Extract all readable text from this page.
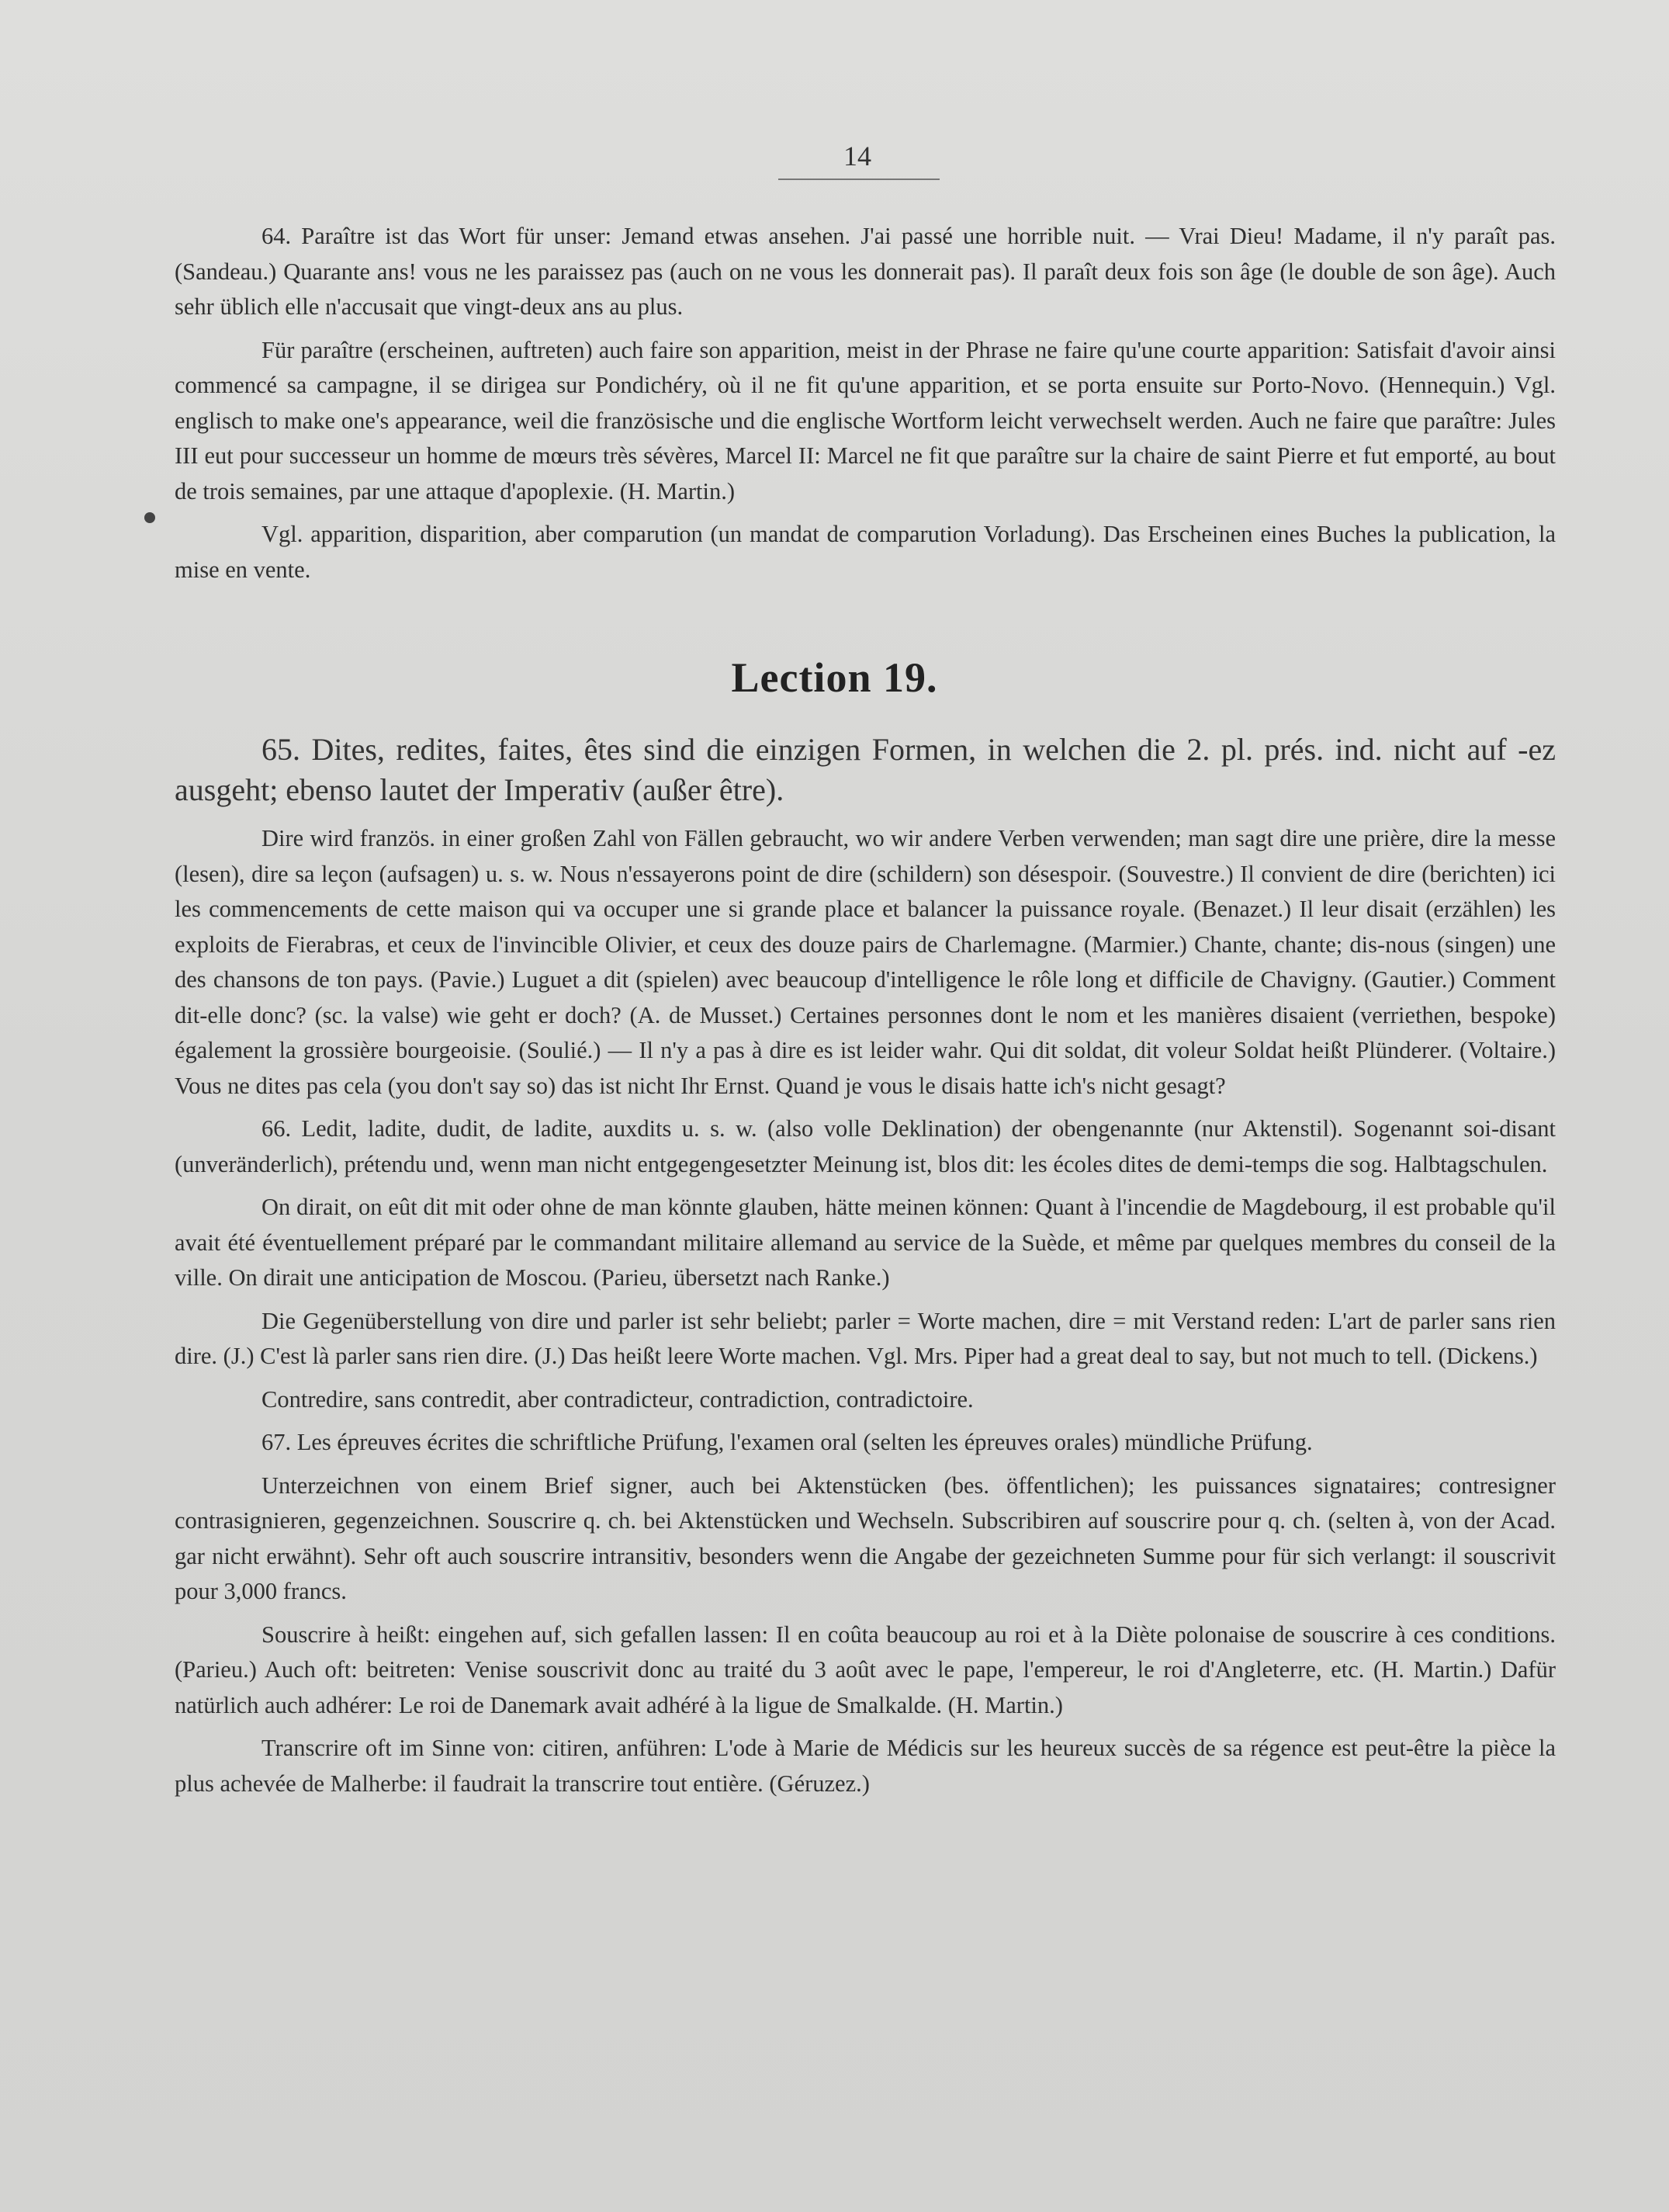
14

64. Paraître ist das Wort für unser: Jemand etwas ansehen. J'ai passé une horrible nuit. — Vrai Dieu! Madame, il n'y paraît pas. (Sandeau.) Quarante ans! vous ne les paraissez pas (auch on ne vous les donnerait pas). Il paraît deux fois son âge (le double de son âge). Auch sehr üblich elle n'accusait que vingt-deux ans au plus.

Für paraître (erscheinen, auftreten) auch faire son apparition, meist in der Phrase ne faire qu'une courte apparition: Satisfait d'avoir ainsi commencé sa campagne, il se dirigea sur Pondichéry, où il ne fit qu'une apparition, et se porta ensuite sur Porto-Novo. (Hennequin.) Vgl. englisch to make one's appearance, weil die französische und die englische Wortform leicht verwechselt werden. Auch ne faire que paraître: Jules III eut pour successeur un homme de mœurs très sévères, Marcel II: Marcel ne fit que paraître sur la chaire de saint Pierre et fut emporté, au bout de trois semaines, par une attaque d'apoplexie. (H. Martin.)

Vgl. apparition, disparition, aber comparution (un mandat de comparution Vorladung). Das Erscheinen eines Buches la publication, la mise en vente.

Lection 19.

65. Dites, redites, faites, êtes sind die einzigen Formen, in welchen die 2. pl. prés. ind. nicht auf -ez ausgeht; ebenso lautet der Imperativ (außer être).

Dire wird französ. in einer großen Zahl von Fällen gebraucht, wo wir andere Verben verwenden; man sagt dire une prière, dire la messe (lesen), dire sa leçon (aufsagen) u. s. w. Nous n'essayerons point de dire (schildern) son désespoir. (Souvestre.) Il convient de dire (berichten) ici les commencements de cette maison qui va occuper une si grande place et balancer la puissance royale. (Benazet.) Il leur disait (erzählen) les exploits de Fierabras, et ceux de l'invincible Olivier, et ceux des douze pairs de Charlemagne. (Marmier.) Chante, chante; dis-nous (singen) une des chansons de ton pays. (Pavie.) Luguet a dit (spielen) avec beaucoup d'intelligence le rôle long et difficile de Chavigny. (Gautier.) Comment dit-elle donc? (sc. la valse) wie geht er doch? (A. de Musset.) Certaines personnes dont le nom et les manières disaient (verriethen, bespoke) également la grossière bourgeoisie. (Soulié.) — Il n'y a pas à dire es ist leider wahr. Qui dit soldat, dit voleur Soldat heißt Plünderer. (Voltaire.) Vous ne dites pas cela (you don't say so) das ist nicht Ihr Ernst. Quand je vous le disais hatte ich's nicht gesagt?

66. Ledit, ladite, dudit, de ladite, auxdits u. s. w. (also volle Deklination) der obengenannte (nur Aktenstil). Sogenannt soi-disant (unveränderlich), prétendu und, wenn man nicht entgegengesetzter Meinung ist, blos dit: les écoles dites de demi-temps die sog. Halbtagschulen.

On dirait, on eût dit mit oder ohne de man könnte glauben, hätte meinen können: Quant à l'incendie de Magdebourg, il est probable qu'il avait été éventuellement préparé par le commandant militaire allemand au service de la Suède, et même par quelques membres du conseil de la ville. On dirait une anticipation de Moscou. (Parieu, übersetzt nach Ranke.)

Die Gegenüberstellung von dire und parler ist sehr beliebt; parler = Worte machen, dire = mit Verstand reden: L'art de parler sans rien dire. (J.) C'est là parler sans rien dire. (J.) Das heißt leere Worte machen. Vgl. Mrs. Piper had a great deal to say, but not much to tell. (Dickens.)

Contredire, sans contredit, aber contradicteur, contradiction, contradictoire.

67. Les épreuves écrites die schriftliche Prüfung, l'examen oral (selten les épreuves orales) mündliche Prüfung.

Unterzeichnen von einem Brief signer, auch bei Aktenstücken (bes. öffentlichen); les puissances signataires; contresigner contrasignieren, gegenzeichnen. Souscrire q. ch. bei Aktenstücken und Wechseln. Subscribiren auf souscrire pour q. ch. (selten à, von der Acad. gar nicht erwähnt). Sehr oft auch souscrire intransitiv, besonders wenn die Angabe der gezeichneten Summe pour für sich verlangt: il souscrivit pour 3,000 francs.

Souscrire à heißt: eingehen auf, sich gefallen lassen: Il en coûta beaucoup au roi et à la Diète polonaise de souscrire à ces conditions. (Parieu.) Auch oft: beitreten: Venise souscrivit donc au traité du 3 août avec le pape, l'empereur, le roi d'Angleterre, etc. (H. Martin.) Dafür natürlich auch adhérer: Le roi de Danemark avait adhéré à la ligue de Smalkalde. (H. Martin.)

Transcrire oft im Sinne von: citiren, anführen: L'ode à Marie de Médicis sur les heureux succès de sa régence est peut-être la pièce la plus achevée de Malherbe: il faudrait la transcrire tout entière. (Géruzez.)
